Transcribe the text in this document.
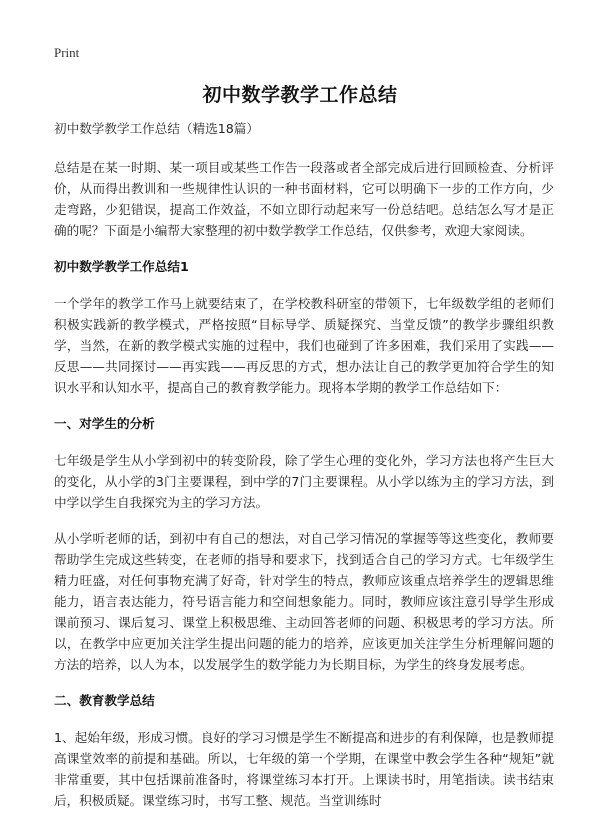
Print
初中数学教学工作总结
初中数学教学工作总结（精选18篇）

总结是在某一时期、某一项目或某些工作告一段落或者全部完成后进行回顾检查、分析评价，从而得出教训和一些规律性认识的一种书面材料，它可以明确下一步的工作方向，少走弯路，少犯错误，提高工作效益，不如立即行动起来写一份总结吧。总结怎么写才是正确的呢？下面是小编帮大家整理的初中数学教学工作总结，仅供参考，欢迎大家阅读。

初中数学教学工作总结1

一个学年的教学工作马上就要结束了，在学校教科研室的带领下，七年级数学组的老师们积极实践新的教学模式，严格按照“目标导学、质疑探究、当堂反馈”的教学步骤组织教学，当然，在新的教学模式实施的过程中，我们也碰到了许多困难，我们采用了实践——反思——共同探讨——再实践——再反思的方式，想办法让自己的教学更加符合学生的知识水平和认知水平，提高自己的教育教学能力。现将本学期的教学工作总结如下：

一、对学生的分析

七年级是学生从小学到初中的转变阶段，除了学生心理的变化外，学习方法也将产生巨大的变化，从小学的3门主要课程，到中学的7门主要课程。从小学以练为主的学习方法，到中学以学生自我探究为主的学习方法。

从小学听老师的话，到初中有自己的想法，对自己学习情况的掌握等等这些变化，教师要帮助学生完成这些转变，在老师的指导和要求下，找到适合自己的学习方式。七年级学生精力旺盛，对任何事物充满了好奇，针对学生的特点，教师应该重点培养学生的逻辑思维能力，语言表达能力，符号语言能力和空间想象能力。同时，教师应该注意引导学生形成课前预习、课后复习、课堂上积极思维、主动回答老师的问题、积极思考的学习方法。所以，在教学中应更加关注学生提出问题的能力的培养，应该更加关注学生分析理解问题的方法的培养，以人为本，以发展学生的数学能力为长期目标，为学生的终身发展考虑。

二、教育教学总结

1、起始年级，形成习惯。良好的学习习惯是学生不断提高和进步的有利保障，也是教师提高课堂效率的前提和基础。所以，七年级的第一个学期，在课堂中教会学生各种“规矩”就非常重要，其中包括课前准备时，将课堂练习本打开。上课读书时，用笔指读。读书结束后，积极质疑。课堂练习时，书写工整、规范。当堂训练时
